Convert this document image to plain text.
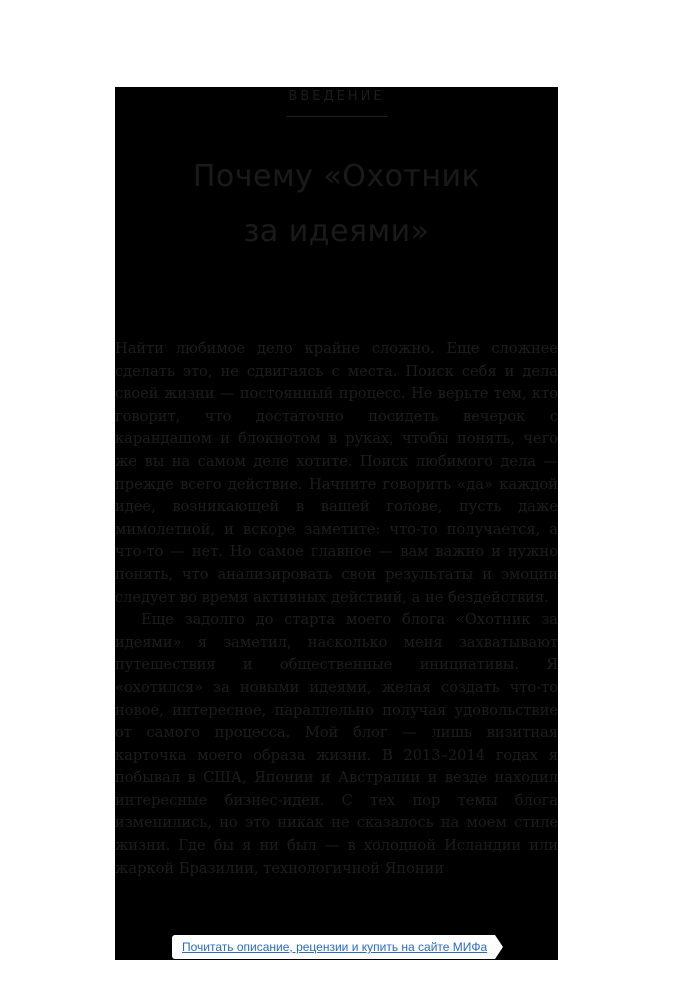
ВВЕДЕНИЕ
Почему «Охотник
за идеями»

Найти любимое дело крайне сложно. Еще сложнее сделать это, не сдвигаясь с места. Поиск себя и дела своей жизни — постоянный процесс. Не верьте тем, кто говорит, что достаточно посидеть вечерок с карандашом и блокнотом в руках, чтобы понять, чего же вы на самом деле хотите. Поиск любимого дела — прежде всего действие. Начните говорить «да» каждой идее, возникающей в вашей голове, пусть даже мимолетной, и вскоре заметите: что-то получается, а что-то — нет. Но самое главное — вам важно и нужно понять, что анализировать свои результаты и эмоции следует во время активных действий, а не бездействия.

Еще задолго до старта моего блога «Охотник за идеями» я заметил, насколько меня захватывают путешествия и общественные инициативы. Я «охотился» за новыми идеями, желая создать что-то новое, интересное, параллельно получая удовольствие от самого процесса. Мой блог — лишь визитная карточка моего образа жизни. В 2013–2014 годах я побывал в США, Японии и Австралии и везде находил интересные бизнес-идеи. С тех пор темы блога изменились, но это никак не сказалось на моем стиле жизни. Где бы я ни был — в холодной Исландии или жаркой Бразилии, технологичной Японии

Почитать описание, рецензии и купить на сайте МИФа
